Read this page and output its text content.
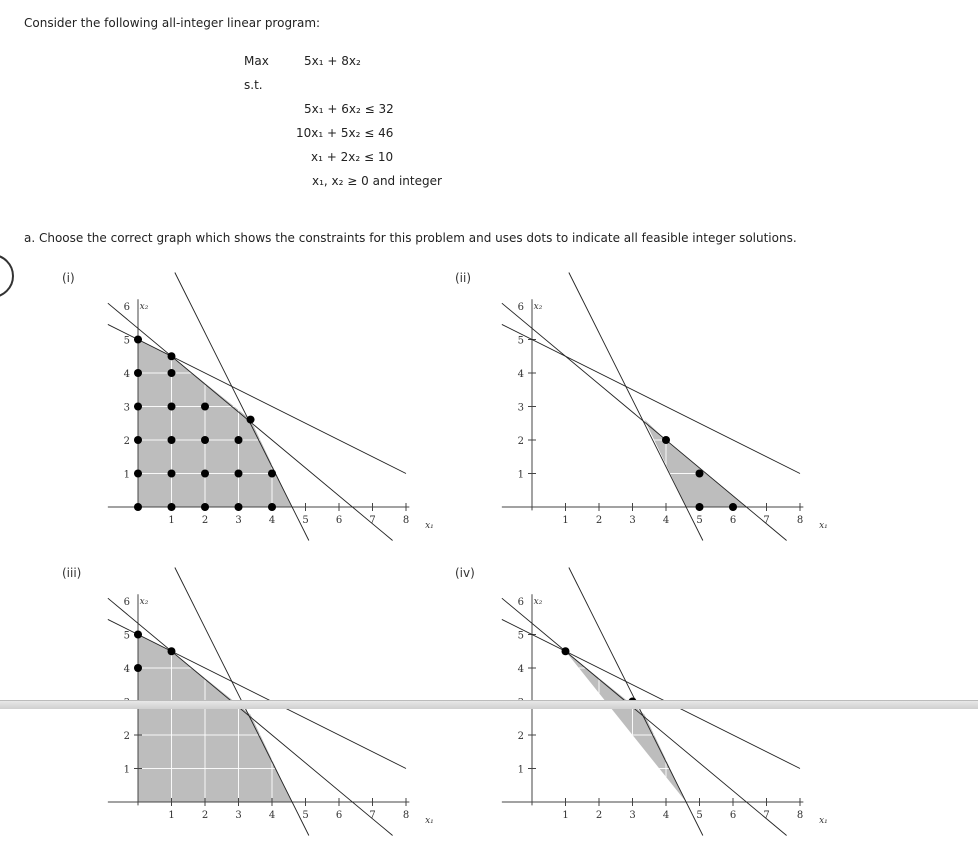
Consider the following all-integer linear program:
Max	5x₁ + 8x₂
s.t.
5x₁ + 6x₂ ≤ 32
10x₁ + 5x₂ ≤ 46
x₁ + 2x₂ ≤ 10
x₁, x₂ ≥ 0 and integer
a. Choose the correct graph which shows the constraints for this problem and uses dots to indicate all feasible integer solutions.
(i)	(ii)
(iii)	(iv)
1	2	3	4	5	6	7	8
1
2
3
4
5
6
x₁
x₂
1	2	3	4	5	6	7	8
1
2
3
4
5
6
x₁
x₂
1	2	3	4	5	6	7	8
1
2
4
5
6
x₁
x₂
1	2	3	4	5	6	7	8
1
2
4
5
6
x₁
x₂
